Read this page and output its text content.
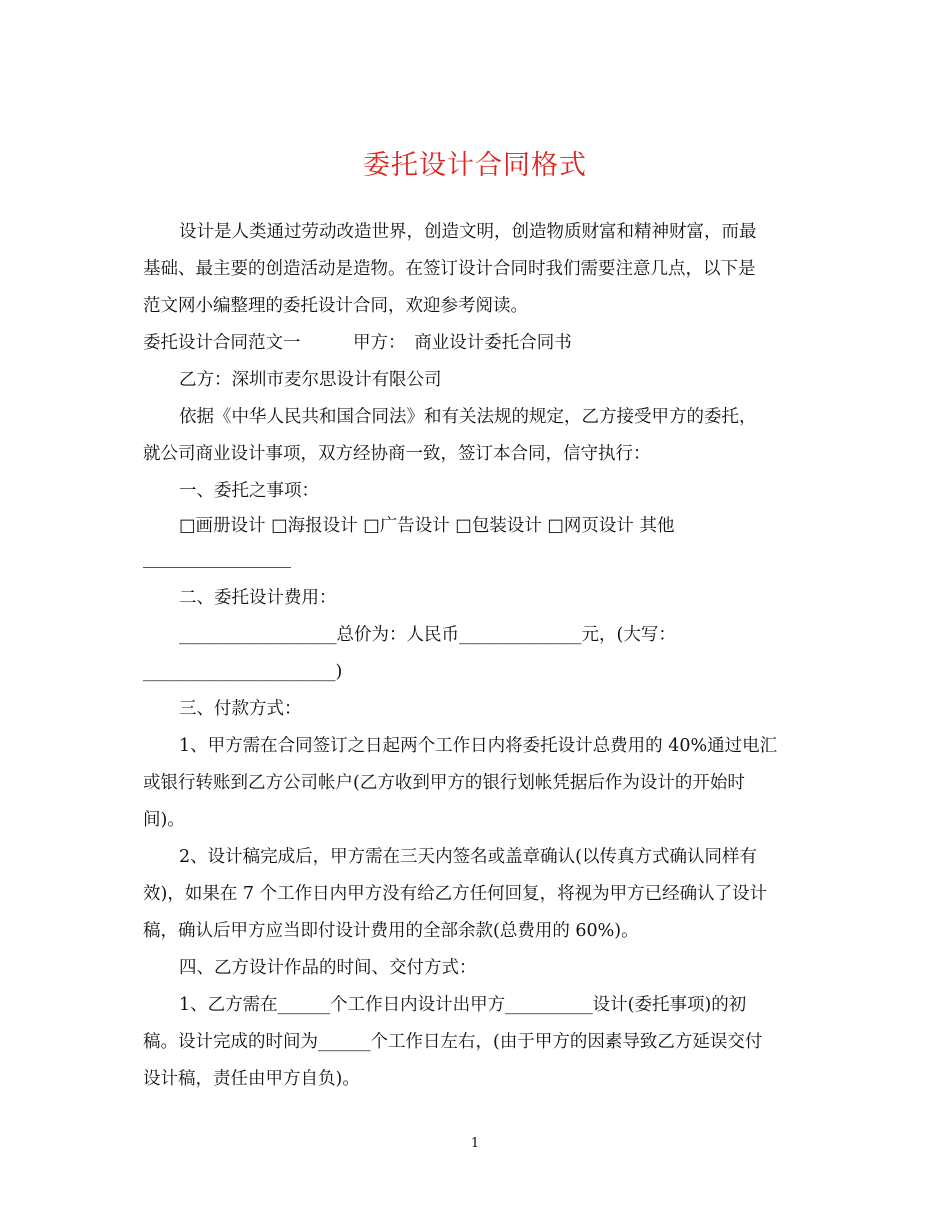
委托设计合同格式
设计是人类通过劳动改造世界，创造文明，创造物质财富和精神财富，而最
基础、最主要的创造活动是造物。在签订设计合同时我们需要注意几点，以下是
范文网小编整理的委托设计合同，欢迎参考阅读。
委托设计合同范文一　　　甲方：　商业设计委托合同书
乙方：深圳市麦尔思设计有限公司
依据《中华人民共和国合同法》和有关法规的规定，乙方接受甲方的委托，
就公司商业设计事项，双方经协商一致，签订本合同，信守执行：
一、委托之事项：
□画册设计 □海报设计 □广告设计 □包装设计 □网页设计 其他
二、委托设计费用：
__________________总价为：人民币______________元，(大写：
______________________)
三、付款方式：
1、甲方需在合同签订之日起两个工作日内将委托设计总费用的 40%通过电汇
或银行转账到乙方公司帐户(乙方收到甲方的银行划帐凭据后作为设计的开始时
间)。
2、设计稿完成后，甲方需在三天内签名或盖章确认(以传真方式确认同样有
效)，如果在 7 个工作日内甲方没有给乙方任何回复，将视为甲方已经确认了设计
稿，确认后甲方应当即付设计费用的全部余款(总费用的 60%)。
四、乙方设计作品的时间、交付方式：
1、乙方需在______个工作日内设计出甲方__________设计(委托事项)的初
稿。设计完成的时间为______个工作日左右，(由于甲方的因素导致乙方延误交付
设计稿，责任由甲方自负)。
1
